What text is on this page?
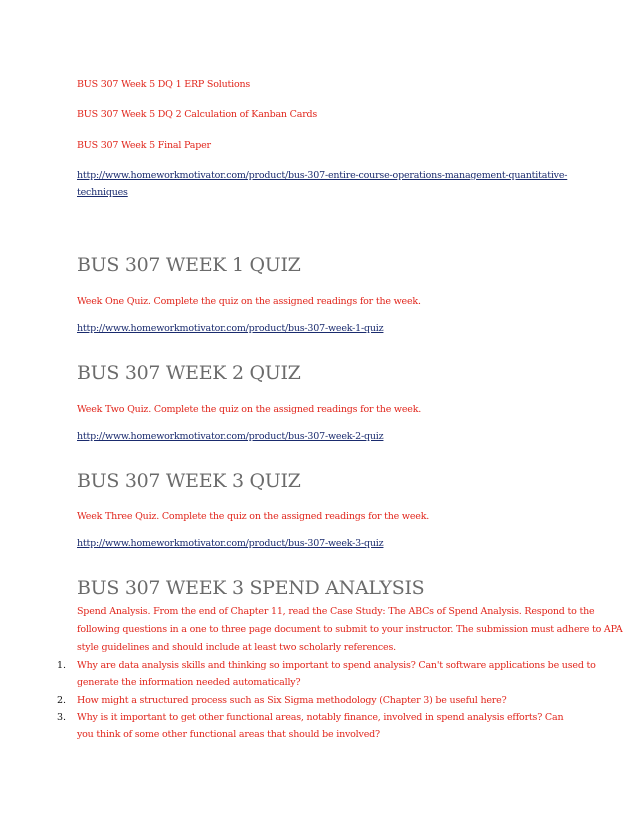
BUS 307 Week 5 DQ 1 ERP Solutions
BUS 307 Week 5 DQ 2 Calculation of Kanban Cards
BUS 307 Week 5 Final Paper
http://www.homeworkmotivator.com/product/bus-307-entire-course-operations-management-quantitative-
techniques
BUS 307 WEEK 1 QUIZ
Week One Quiz. Complete the quiz on the assigned readings for the week.
http://www.homeworkmotivator.com/product/bus-307-week-1-quiz
BUS 307 WEEK 2 QUIZ
Week Two Quiz. Complete the quiz on the assigned readings for the week.
http://www.homeworkmotivator.com/product/bus-307-week-2-quiz
BUS 307 WEEK 3 QUIZ
Week Three Quiz. Complete the quiz on the assigned readings for the week.
http://www.homeworkmotivator.com/product/bus-307-week-3-quiz
BUS 307 WEEK 3 SPEND ANALYSIS
Spend Analysis. From the end of Chapter 11, read the Case Study: The ABCs of Spend Analysis. Respond to the
following questions in a one to three page document to submit to your instructor. The submission must adhere to APA
style guidelines and should include at least two scholarly references.
1. Why are data analysis skills and thinking so important to spend analysis? Can't software applications be used to
generate the information needed automatically?
2. How might a structured process such as Six Sigma methodology (Chapter 3) be useful here?
3. Why is it important to get other functional areas, notably finance, involved in spend analysis efforts? Can
you think of some other functional areas that should be involved?
